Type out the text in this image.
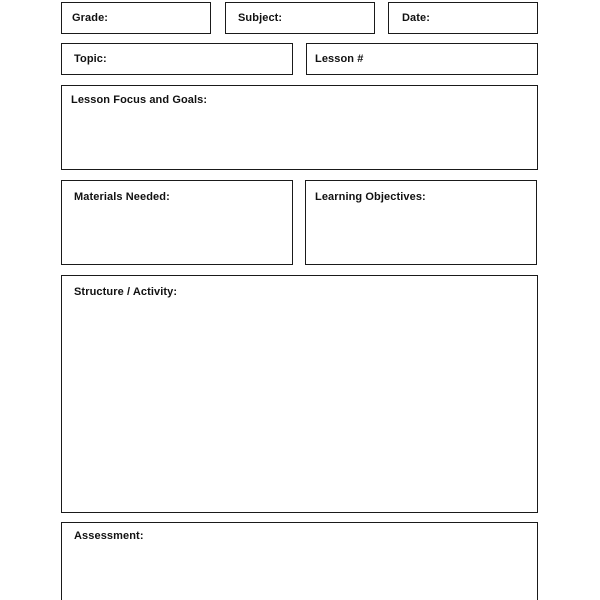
Grade:	Subject:	Date:
Topic:	Lesson #
Lesson Focus and Goals:
Materials Needed:	Learning Objectives:
Structure / Activity:
Assessment:
